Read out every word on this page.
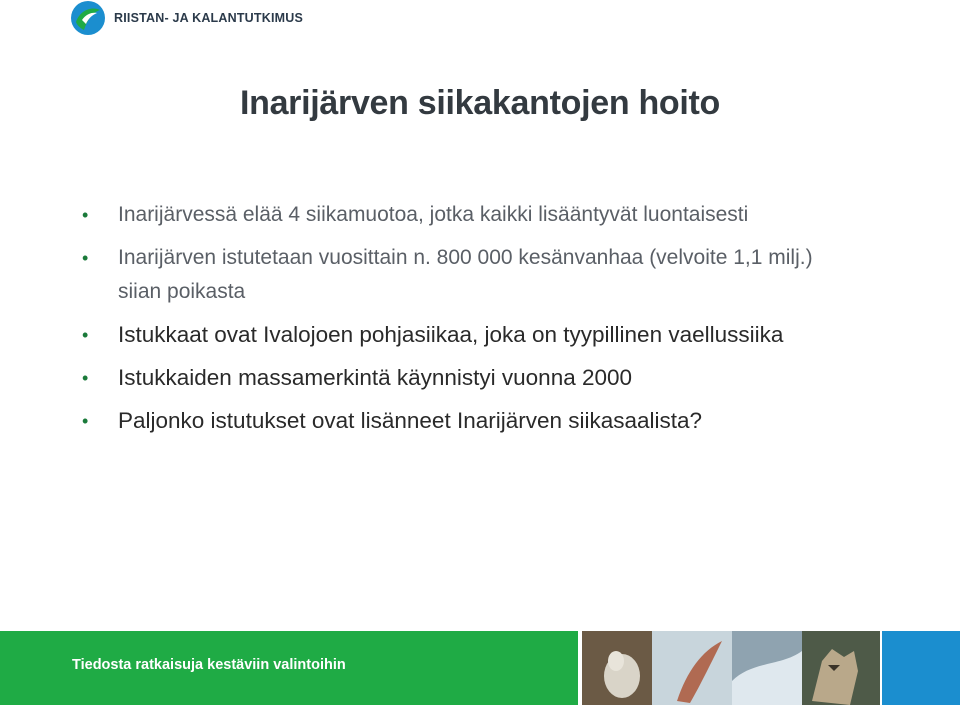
RIISTAN- JA KALANTUTKIMUS
Inarijärven siikakantojen hoito
• Inarijärvessä elää 4 siikamuotoa, jotka kaikki lisääntyvät luontaisesti
• Inarijärven istutetaan vuosittain n. 800 000 kesänvanhaa (velvoite 1,1 milj.) siian poikasta
• Istukkaat ovat Ivalojoen pohjasiikaa, joka on tyypillinen vaellussiika
• Istukkaiden massamerkintä käynnistyi vuonna 2000
• Paljonko istutukset ovat lisänneet Inarijärven siikasaalista?
Tiedosta ratkaisuja kestäviin valintoihin
